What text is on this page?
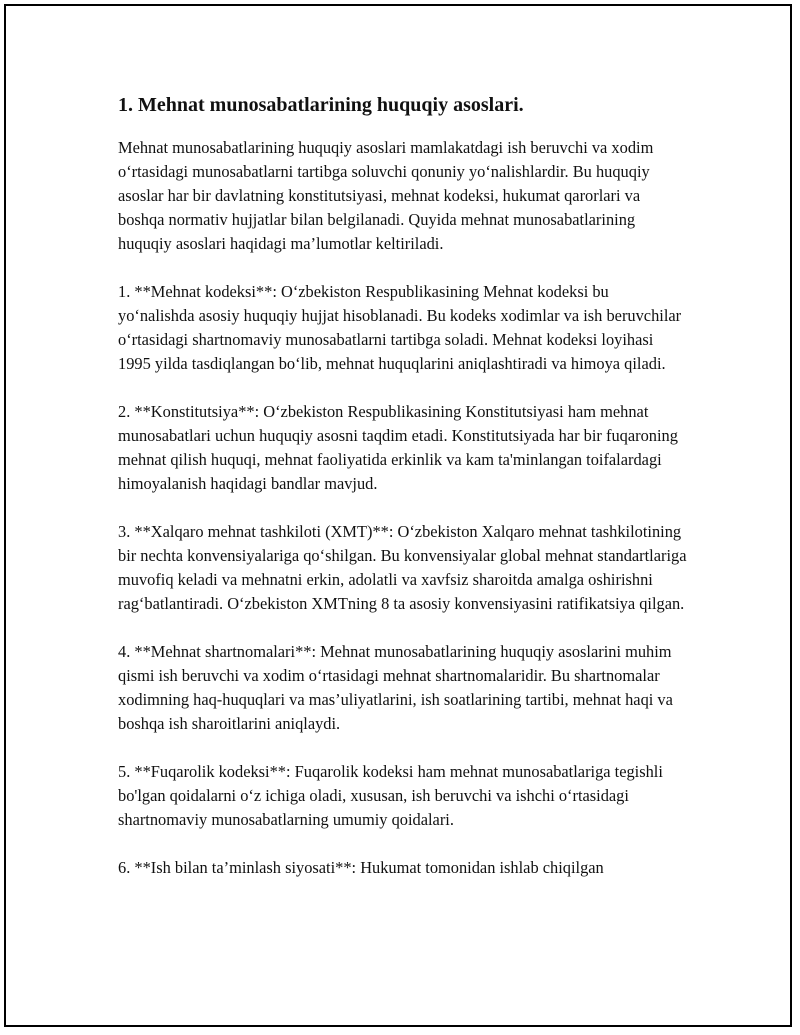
1. Mehnat munosabatlarining huquqiy asoslari.

Mehnat munosabatlarining huquqiy asoslari mamlakatdagi ish beruvchi va xodim o‘rtasidagi munosabatlarni tartibga soluvchi qonuniy yo‘nalishlardir. Bu huquqiy asoslar har bir davlatning konstitutsiyasi, mehnat kodeksi, hukumat qarorlari va boshqa normativ hujjatlar bilan belgilanadi. Quyida mehnat munosabatlarining huquqiy asoslari haqidagi ma’lumotlar keltiriladi.

1. **Mehnat kodeksi**: O‘zbekiston Respublikasining Mehnat kodeksi bu yo‘nalishda asosiy huquqiy hujjat hisoblanadi. Bu kodeks xodimlar va ish beruvchilar o‘rtasidagi shartnomaviy munosabatlarni tartibga soladi. Mehnat kodeksi loyihasi 1995 yilda tasdiqlangan bo‘lib, mehnat huquqlarini aniqlashtiradi va himoya qiladi.

2. **Konstitutsiya**: O‘zbekiston Respublikasining Konstitutsiyasi ham mehnat munosabatlari uchun huquqiy asosni taqdim etadi. Konstitutsiyada har bir fuqaroning mehnat qilish huquqi, mehnat faoliyatida erkinlik va kam ta'minlangan toifalardagi himoyalanish haqidagi bandlar mavjud.

3. **Xalqaro mehnat tashkiloti (XMT)**: O‘zbekiston Xalqaro mehnat tashkilotining bir nechta konvensiyalariga qo‘shilgan. Bu konvensiyalar global mehnat standartlariga muvofiq keladi va mehnatni erkin, adolatli va xavfsiz sharoitda amalga oshirishni rag‘batlantiradi. O‘zbekiston XMTning 8 ta asosiy konvensiyasini ratifikatsiya qilgan.

4. **Mehnat shartnomalari**: Mehnat munosabatlarining huquqiy asoslarini muhim qismi ish beruvchi va xodim o‘rtasidagi mehnat shartnomalaridir. Bu shartnomalar xodimning haq-huquqlari va mas’uliyatlarini, ish soatlarining tartibi, mehnat haqi va boshqa ish sharoitlarini aniqlaydi.

5. **Fuqarolik kodeksi**: Fuqarolik kodeksi ham mehnat munosabatlariga tegishli bo'lgan qoidalarni o‘z ichiga oladi, xususan, ish beruvchi va ishchi o‘rtasidagi shartnomaviy munosabatlarning umumiy qoidalari.

6. **Ish bilan ta’minlash siyosati**: Hukumat tomonidan ishlab chiqilgan
